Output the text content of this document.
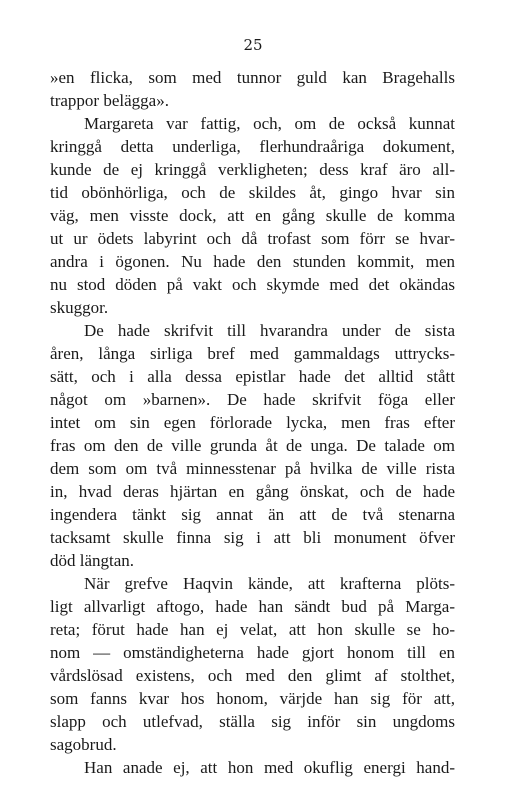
25
»en flicka, som med tunnor guld kan Bragehalls
trappor belägga».
Margareta var fattig, och, om de också kunnat
kringgå detta underliga, flerhundraåriga dokument,
kunde de ej kringgå verkligheten; dess kraf äro all-
tid obönhörliga, och de skildes åt, gingo hvar sin
väg, men visste dock, att en gång skulle de komma
ut ur ödets labyrint och då trofast som förr se hvar-
andra i ögonen. Nu hade den stunden kommit, men
nu stod döden på vakt och skymde med det okändas
skuggor.
De hade skrifvit till hvarandra under de sista
åren, långa sirliga bref med gammaldags uttrycks-
sätt, och i alla dessa epistlar hade det alltid stått
något om »barnen». De hade skrifvit föga eller
intet om sin egen förlorade lycka, men fras efter
fras om den de ville grunda åt de unga. De talade om
dem som om två minnesstenar på hvilka de ville rista
in, hvad deras hjärtan en gång önskat, och de hade
ingendera tänkt sig annat än att de två stenarna
tacksamt skulle finna sig i att bli monument öfver
död längtan.
När grefve Haqvin kände, att krafterna plöts-
ligt allvarligt aftogo, hade han sändt bud på Marga-
reta; förut hade han ej velat, att hon skulle se ho-
nom — omständigheterna hade gjort honom till en
vårdslösad existens, och med den glimt af stolthet,
som fanns kvar hos honom, värjde han sig för att,
slapp och utlefvad, ställa sig inför sin ungdoms
sagobrud.
Han anade ej, att hon med okuflig energi hand-
